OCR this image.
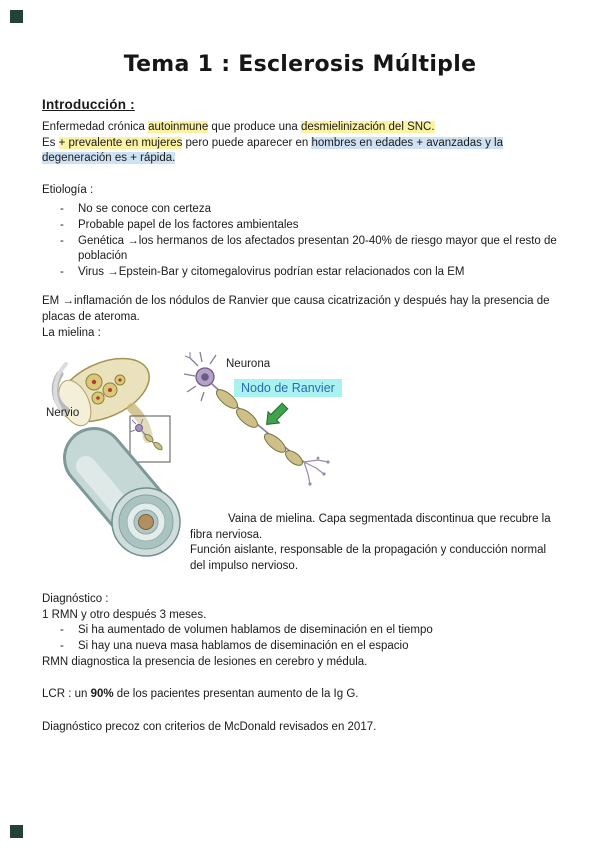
Tema 1 : Esclerosis Múltiple
Introducción :

Enfermedad crónica autoinmune que produce una desmielinización del SNC.

Es + prevalente en mujeres pero puede aparecer en hombres en edades + avanzadas y la degeneración es + rápida.

Etiología :

-	No se conoce con certeza
-	Probable papel de los factores ambientales
-	Genética →los hermanos de los afectados presentan 20-40% de riesgo mayor que el resto de población
-	Virus →Epstein-Bar y citomegalovirus podrían estar relacionados con la EM

EM →inflamación de los nódulos de Ranvier que causa cicatrización y después hay la presencia de placas de ateroma.

La mielina :

Neurona
Nodo de Ranvier
Nervio

Vaina de mielina. Capa segmentada discontinua que recubre la fibra nerviosa.

Función aislante, responsable de la propagación y conducción normal del impulso nervioso.

Diagnóstico :

1 RMN y otro después 3 meses.

-	Si ha aumentado de volumen hablamos de diseminación en el tiempo
-	Si hay una nueva masa hablamos de diseminación en el espacio

RMN diagnostica la presencia de lesiones en cerebro y médula.

LCR : un 90% de los pacientes presentan aumento de la Ig G.

Diagnóstico precoz con criterios de McDonald revisados en 2017.
